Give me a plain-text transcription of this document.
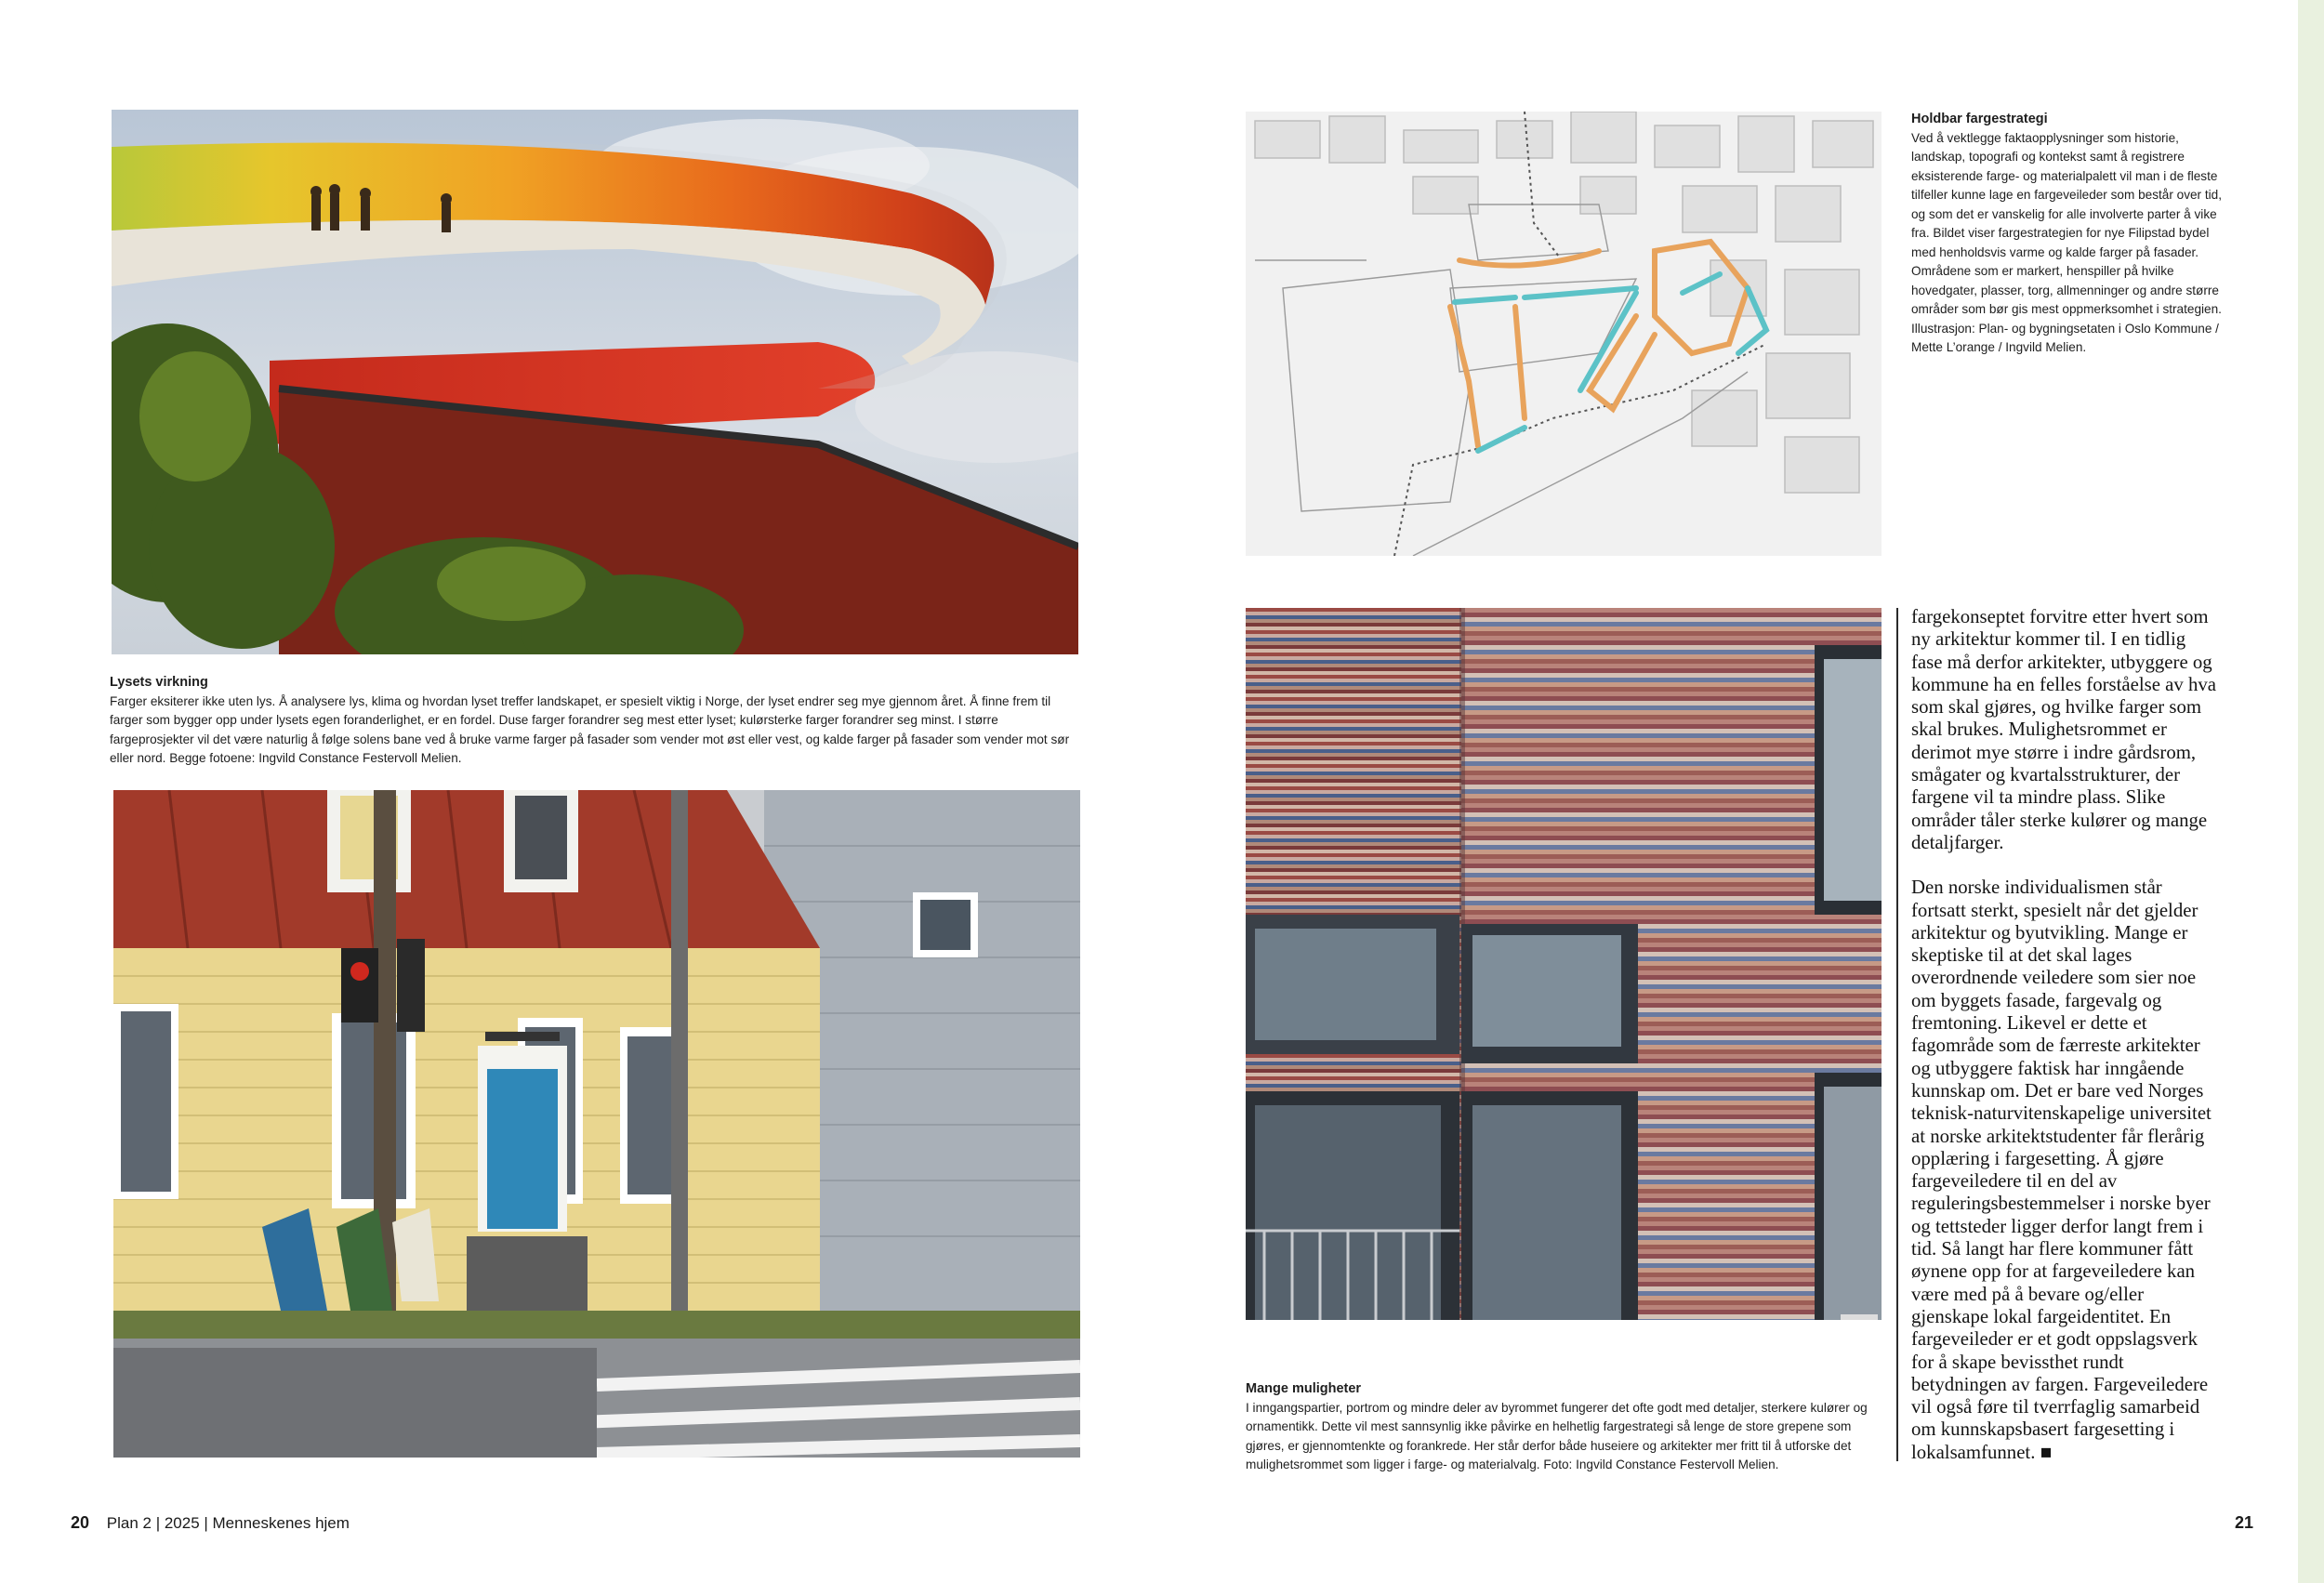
Lysets virkning
Farger eksiterer ikke uten lys. Å analysere lys, klima og hvordan lyset treffer landskapet, er spesielt viktig i Norge, der lyset endrer seg mye gjennom året. Å finne frem til farger som bygger opp under lysets egen foranderlighet, er en fordel. Duse farger forandrer seg mest etter lyset; kulørsterke farger forandrer seg minst. I større fargeprosjekter vil det være naturlig å følge solens bane ved å bruke varme farger på fasader som vender mot øst eller vest, og kalde farger på fasader som vender mot sør eller nord. Begge fotoene: Ingvild Constance Festervoll Melien.
20 Plan 2 | 2025 | Menneskenes hjem
Holdbar fargestrategi
Ved å vektlegge faktaopplysninger som historie, landskap, topografi og kontekst samt å registrere eksisterende farge- og materialpalett vil man i de fleste tilfeller kunne lage en fargeveileder som består over tid, og som det er vanskelig for alle involverte parter å vike fra. Bildet viser fargestrategien for nye Filipstad bydel med henholdsvis varme og kalde farger på fasader. Områdene som er markert, henspiller på hvilke hovedgater, plasser, torg, allmenninger og andre større områder som bør gis mest oppmerksomhet i strategien. Illustrasjon: Plan- og bygningsetaten i Oslo Kommune / Mette L’orange / Ingvild Melien.
Mange muligheter
I inngangspartier, portrom og mindre deler av byrommet fungerer det ofte godt med detaljer, sterkere kulører og ornamentikk. Dette vil mest sannsynlig ikke påvirke en helhetlig fargestrategi så lenge de store grepene som gjøres, er gjennomtenkte og forankrede. Her står derfor både huseiere og arkitekter mer fritt til å utforske det mulighetsrommet som ligger i farge- og materialvalg. Foto: Ingvild Constance Festervoll Melien.

fargekonseptet forvitre etter hvert som ny arkitektur kommer til. I en tidlig fase må derfor arkitekter, utbyggere og kommune ha en felles forståelse av hva som skal gjøres, og hvilke farger som skal brukes. Mulighetsrommet er derimot mye større i indre gårdsrom, smågater og kvartalsstrukturer, der fargene vil ta mindre plass. Slike områder tåler sterke kulører og mange detaljfarger.

Den norske individualismen står fortsatt sterkt, spesielt når det gjelder arkitektur og byutvikling. Mange er skeptiske til at det skal lages overordnende veiledere som sier noe om byggets fasade, fargevalg og fremtoning. Likevel er dette et fagområde som de færreste arkitekter og utbyggere faktisk har inngående kunnskap om. Det er bare ved Norges teknisk-naturvitenskapelige universitet at norske arkitektstudenter får flerårig opplæring i fargesetting. Å gjøre fargeveiledere til en del av reguleringsbestemmelser i norske byer og tettsteder ligger derfor langt frem i tid. Så langt har flere kommuner fått øynene opp for at fargeveiledere kan være med på å bevare og/eller gjenskape lokal fargeidentitet. En fargeveileder er et godt oppslagsverk for å skape bevissthet rundt betydningen av fargen. Fargeveiledere vil også føre til tverrfaglig samarbeid om kunnskapsbasert fargesetting i lokalsamfunnet. ■

21
